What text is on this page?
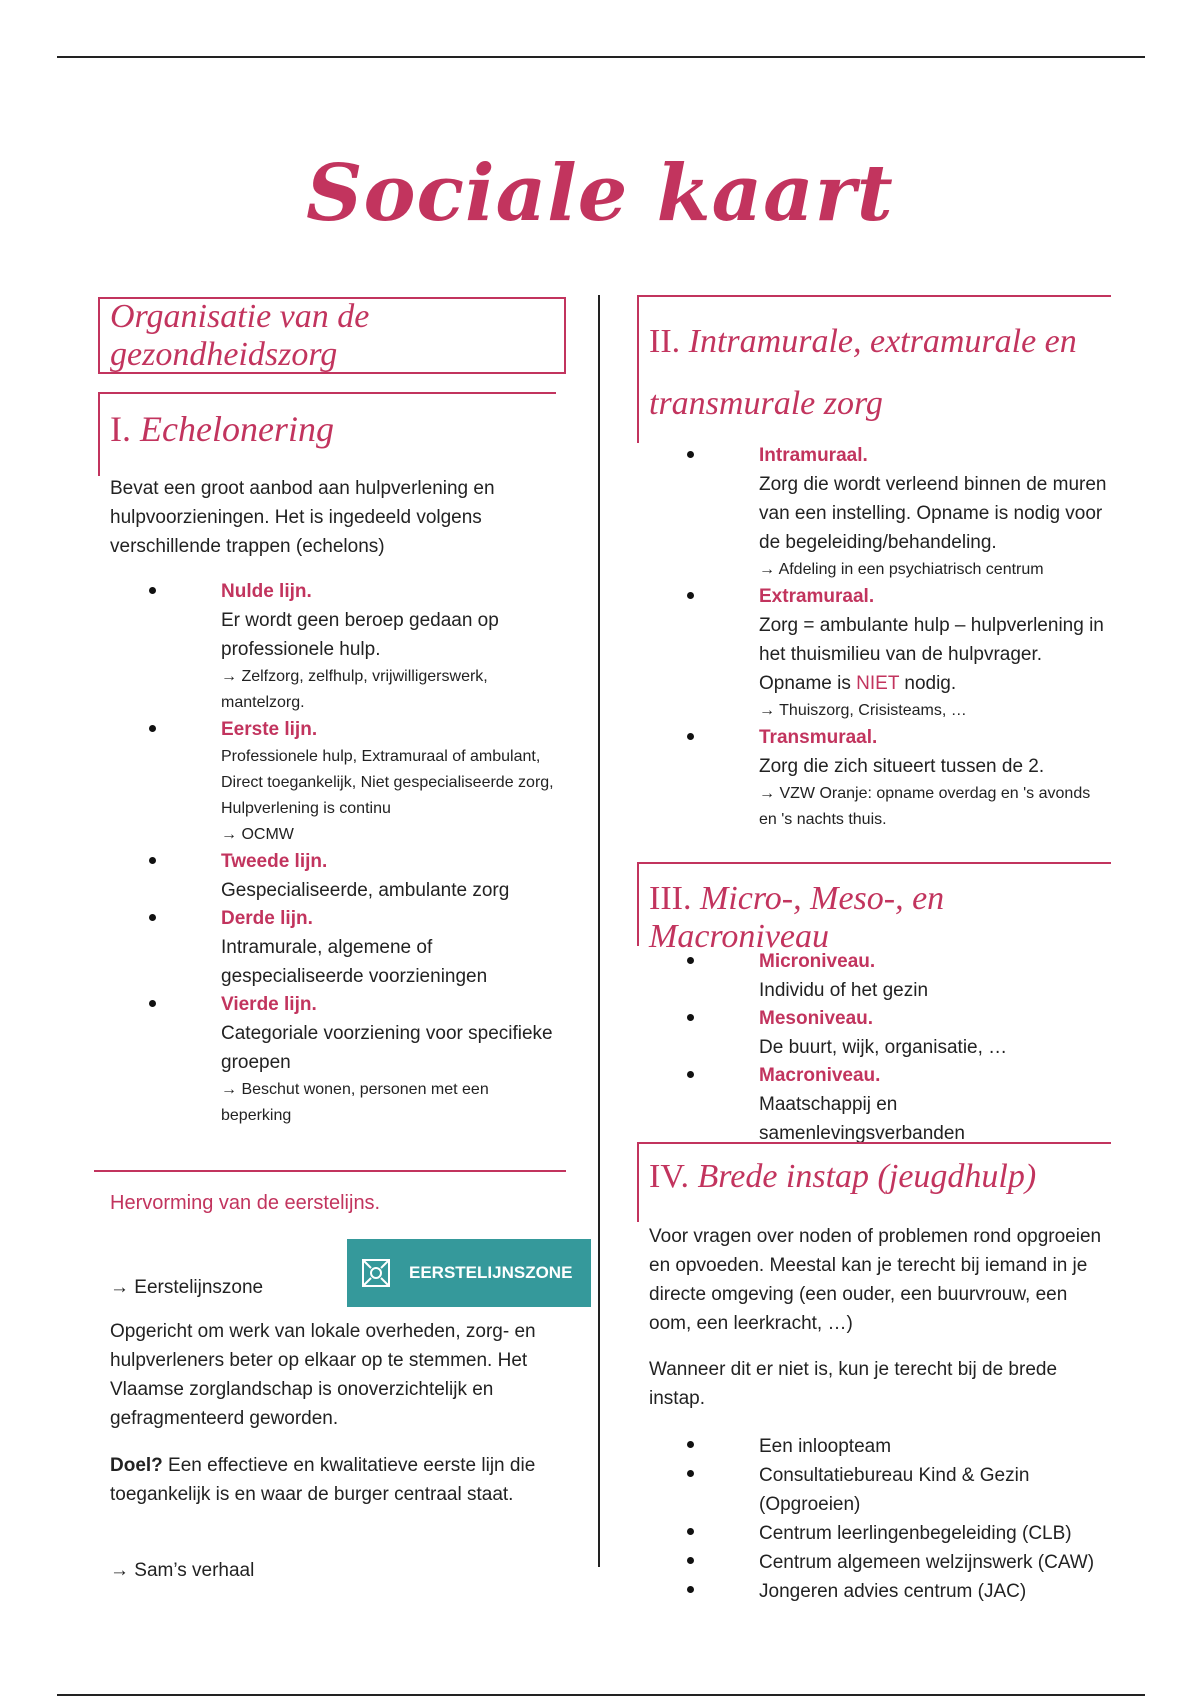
Sociale kaart
Organisatie van de gezondheidszorg
I. Echelonering

Bevat een groot aanbod aan hulpverlening en hulpvoorzieningen. Het is ingedeeld volgens verschillende trappen (echelons)

Nulde lijn.
Er wordt geen beroep gedaan op professionele hulp.
→ Zelfzorg, zelfhulp, vrijwilligerswerk, mantelzorg.
Eerste lijn.
Professionele hulp, Extramuraal of ambulant, Direct toegankelijk, Niet gespecialiseerde zorg, Hulpverlening is continu
→ OCMW
Tweede lijn.
Gespecialiseerde, ambulante zorg
Derde lijn.
Intramurale, algemene of gespecialiseerde voorzieningen
Vierde lijn.
Categoriale voorziening voor specifieke groepen
→ Beschut wonen, personen met een beperking
Hervorming van de eerstelijns.
EERSTELIJNSZONE
→ Eerstelijnszone

Opgericht om werk van lokale overheden, zorg- en hulpverleners beter op elkaar op te stemmen. Het Vlaamse zorglandschap is onoverzichtelijk en gefragmenteerd geworden.

Doel? Een effectieve en kwalitatieve eerste lijn die toegankelijk is en waar de burger centraal staat.

→ Sam’s verhaal
II. Intramurale, extramurale en
transmurale zorg
Intramuraal.
Zorg die wordt verleend binnen de muren van een instelling. Opname is nodig voor de begeleiding/behandeling.
→ Afdeling in een psychiatrisch centrum
Extramuraal.
Zorg = ambulante hulp – hulpverlening in het thuismilieu van de hulpvrager.
Opname is NIET nodig.
→ Thuiszorg, Crisisteams, …
Transmuraal.
Zorg die zich situeert tussen de 2.
→ VZW Oranje: opname overdag en 's avonds en 's nachts thuis.
III. Micro-, Meso-, en Macroniveau
Microniveau.
Individu of het gezin
Mesoniveau.
De buurt, wijk, organisatie, …
Macroniveau.
Maatschappij en samenlevingsverbanden
IV. Brede instap (jeugdhulp)

Voor vragen over noden of problemen rond opgroeien en opvoeden. Meestal kan je terecht bij iemand in je directe omgeving (een ouder, een buurvrouw, een oom, een leerkracht, …)

Wanneer dit er niet is, kun je terecht bij de brede instap.

Een inloopteam
Consultatiebureau Kind & Gezin (Opgroeien)
Centrum leerlingenbegeleiding (CLB)
Centrum algemeen welzijnswerk (CAW)
Jongeren advies centrum (JAC)
